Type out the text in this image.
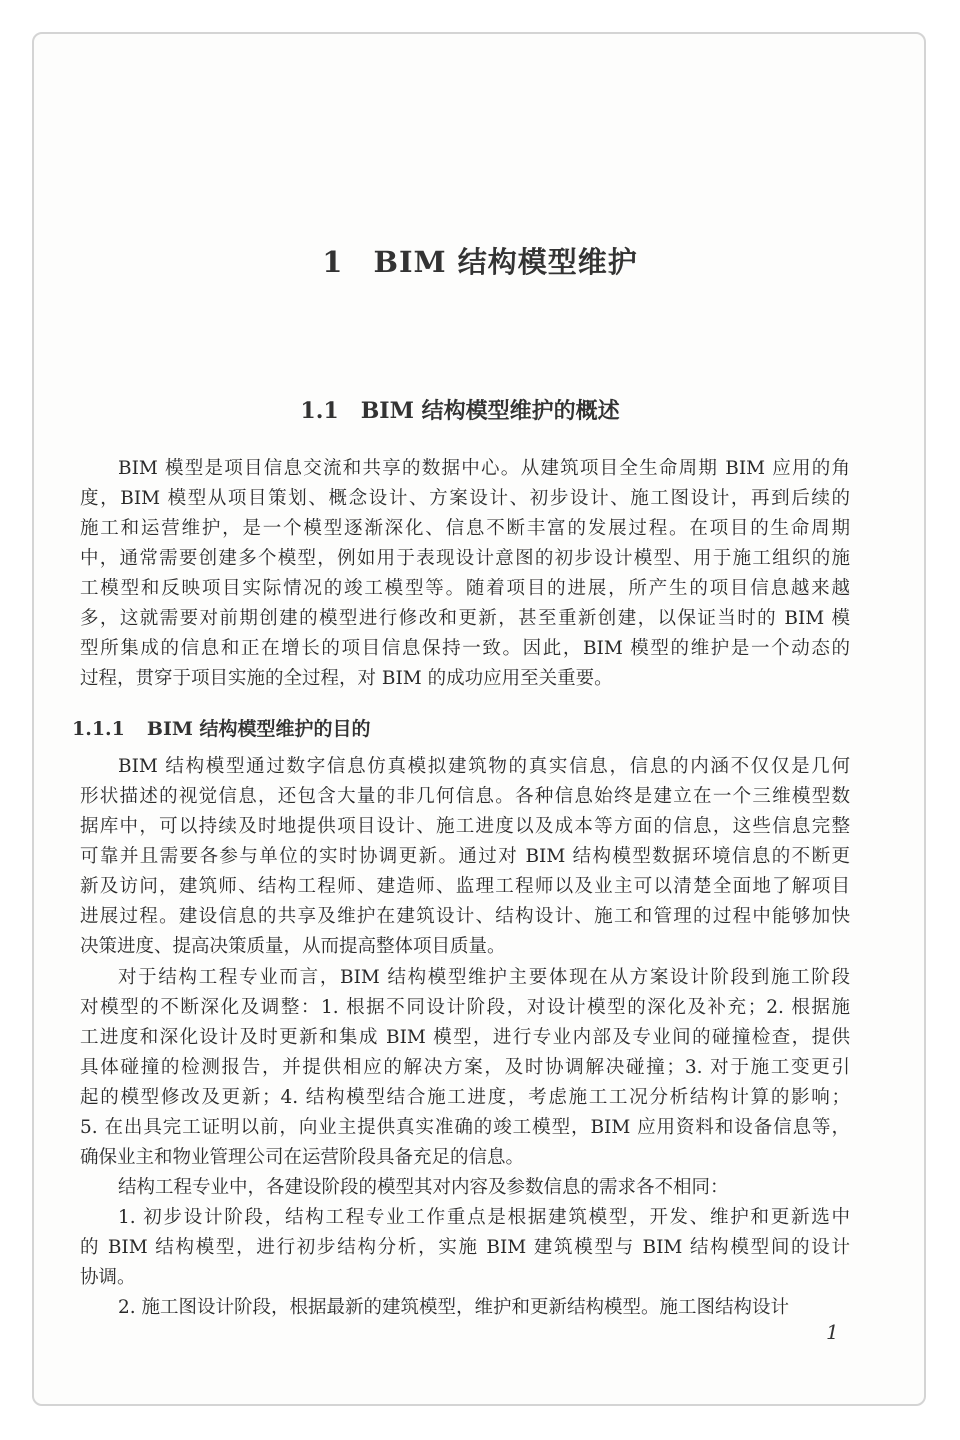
1 BIM 结构模型维护
1.1 BIM 结构模型维护的概述
1.1.1 BIM 结构模型维护的目的
BIM 模型是项目信息交流和共享的数据中心。从建筑项目全生命周期 BIM 应用的角
度，BIM 模型从项目策划、概念设计、方案设计、初步设计、施工图设计，再到后续的
施工和运营维护，是一个模型逐渐深化、信息不断丰富的发展过程。在项目的生命周期
中，通常需要创建多个模型，例如用于表现设计意图的初步设计模型、用于施工组织的施
工模型和反映项目实际情况的竣工模型等。随着项目的进展，所产生的项目信息越来越
多，这就需要对前期创建的模型进行修改和更新，甚至重新创建，以保证当时的 BIM 模
型所集成的信息和正在增长的项目信息保持一致。因此，BIM 模型的维护是一个动态的
过程，贯穿于项目实施的全过程，对 BIM 的成功应用至关重要。
BIM 结构模型通过数字信息仿真模拟建筑物的真实信息，信息的内涵不仅仅是几何
形状描述的视觉信息，还包含大量的非几何信息。各种信息始终是建立在一个三维模型数
据库中，可以持续及时地提供项目设计、施工进度以及成本等方面的信息，这些信息完整
可靠并且需要各参与单位的实时协调更新。通过对 BIM 结构模型数据环境信息的不断更
新及访问，建筑师、结构工程师、建造师、监理工程师以及业主可以清楚全面地了解项目
进展过程。建设信息的共享及维护在建筑设计、结构设计、施工和管理的过程中能够加快
决策进度、提高决策质量，从而提高整体项目质量。
对于结构工程专业而言，BIM 结构模型维护主要体现在从方案设计阶段到施工阶段
对模型的不断深化及调整：1. 根据不同设计阶段，对设计模型的深化及补充；2. 根据施
工进度和深化设计及时更新和集成 BIM 模型，进行专业内部及专业间的碰撞检查，提供
具体碰撞的检测报告，并提供相应的解决方案，及时协调解决碰撞；3. 对于施工变更引
起的模型修改及更新；4. 结构模型结合施工进度，考虑施工工况分析结构计算的影响；
5. 在出具完工证明以前，向业主提供真实准确的竣工模型，BIM 应用资料和设备信息等，
确保业主和物业管理公司在运营阶段具备充足的信息。
结构工程专业中，各建设阶段的模型其对内容及参数信息的需求各不相同：
1. 初步设计阶段，结构工程专业工作重点是根据建筑模型，开发、维护和更新选中
的 BIM 结构模型，进行初步结构分析，实施 BIM 建筑模型与 BIM 结构模型间的设计
协调。
2. 施工图设计阶段，根据最新的建筑模型，维护和更新结构模型。施工图结构设计
1
